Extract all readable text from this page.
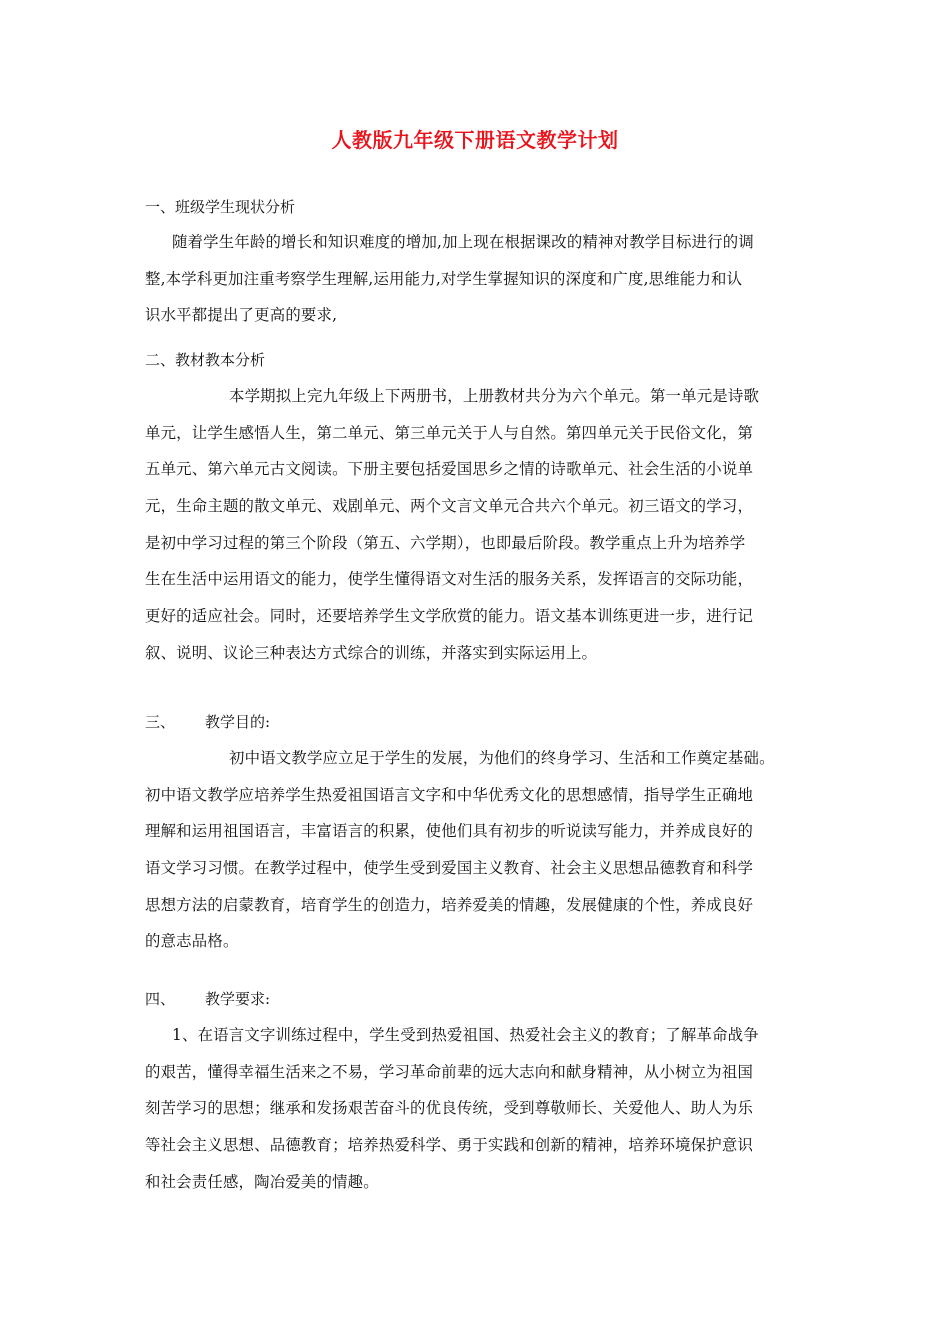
人教版九年级下册语文教学计划
一、班级学生现状分析
随着学生年龄的增长和知识难度的增加,加上现在根据课改的精神对教学目标进行的调
整,本学科更加注重考察学生理解,运用能力,对学生掌握知识的深度和广度,思维能力和认
识水平都提出了更高的要求,
二、教材教本分析
本学期拟上完九年级上下两册书，上册教材共分为六个单元。第一单元是诗歌
单元，让学生感悟人生，第二单元、第三单元关于人与自然。第四单元关于民俗文化，第
五单元、第六单元古文阅读。下册主要包括爱国思乡之情的诗歌单元、社会生活的小说单
元，生命主题的散文单元、戏剧单元、两个文言文单元合共六个单元。初三语文的学习，
是初中学习过程的第三个阶段（第五、六学期），也即最后阶段。教学重点上升为培养学
生在生活中运用语文的能力，使学生懂得语文对生活的服务关系，发挥语言的交际功能，
更好的适应社会。同时，还要培养学生文学欣赏的能力。语文基本训练更进一步，进行记
叙、说明、议论三种表达方式综合的训练，并落实到实际运用上。
三、 教学目的:
初中语文教学应立足于学生的发展，为他们的终身学习、生活和工作奠定基础。
初中语文教学应培养学生热爱祖国语言文字和中华优秀文化的思想感情，指导学生正确地
理解和运用祖国语言，丰富语言的积累，使他们具有初步的听说读写能力，并养成良好的
语文学习习惯。在教学过程中，使学生受到爱国主义教育、社会主义思想品德教育和科学
思想方法的启蒙教育，培育学生的创造力，培养爱美的情趣，发展健康的个性，养成良好
的意志品格。
四、 教学要求:
1、在语言文字训练过程中，学生受到热爱祖国、热爱社会主义的教育；了解革命战争
的艰苦，懂得幸福生活来之不易，学习革命前辈的远大志向和献身精神，从小树立为祖国
刻苦学习的思想；继承和发扬艰苦奋斗的优良传统，受到尊敬师长、关爱他人、助人为乐
等社会主义思想、品德教育；培养热爱科学、勇于实践和创新的精神，培养环境保护意识
和社会责任感，陶冶爱美的情趣。
